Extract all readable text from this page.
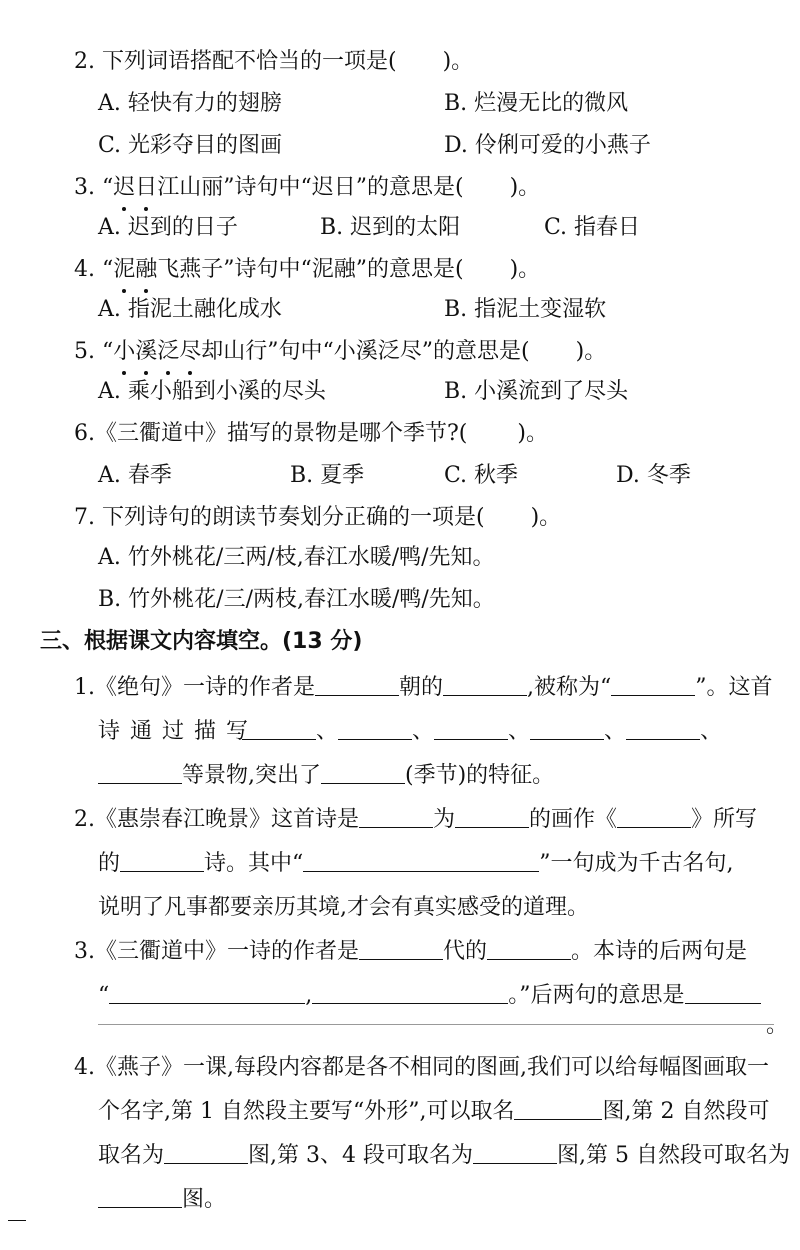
2. 下列词语搭配不恰当的一项是( )。
A. 轻快有力的翅膀	B. 烂漫无比的微风
C. 光彩夺目的图画	D. 伶俐可爱的小燕子
3. “迟日江山丽”诗句中“迟日”的意思是( )。
A. 迟到的日子	B. 迟到的太阳	C. 指春日
4. “泥融飞燕子”诗句中“泥融”的意思是( )。
A. 指泥土融化成水	B. 指泥土变湿软
5. “小溪泛尽却山行”句中“小溪泛尽”的意思是( )。
A. 乘小船到小溪的尽头	B. 小溪流到了尽头
6.《三衢道中》描写的景物是哪个季节?( )。
A. 春季	B. 夏季	C. 秋季	D. 冬季
7. 下列诗句的朗读节奏划分正确的一项是( )。
A. 竹外桃花/三两/枝,春江水暖/鸭/先知。
B. 竹外桃花/三/两枝,春江水暖/鸭/先知。
三、根据课文内容填空。(13 分)
1.《绝句》一诗的作者是	朝的	,被称为“	”。这首
诗通过描写	、	、	、	、	、
等景物,突出了	(季节)的特征。
2.《惠崇春江晚景》这首诗是	为	的画作《	》所写
的	诗。其中“	”一句成为千古名句,
说明了凡事都要亲历其境,才会有真实感受的道理。
3.《三衢道中》一诗的作者是	代的	。本诗的后两句是
“	,	。”后两句的意思是
。
4.《燕子》一课,每段内容都是各不相同的图画,我们可以给每幅图画取一
个名字,第 1 自然段主要写“外形”,可以取名	图,第 2 自然段可
取名为	图,第 3、4 段可取名为	图,第 5 自然段可取名为
图。
